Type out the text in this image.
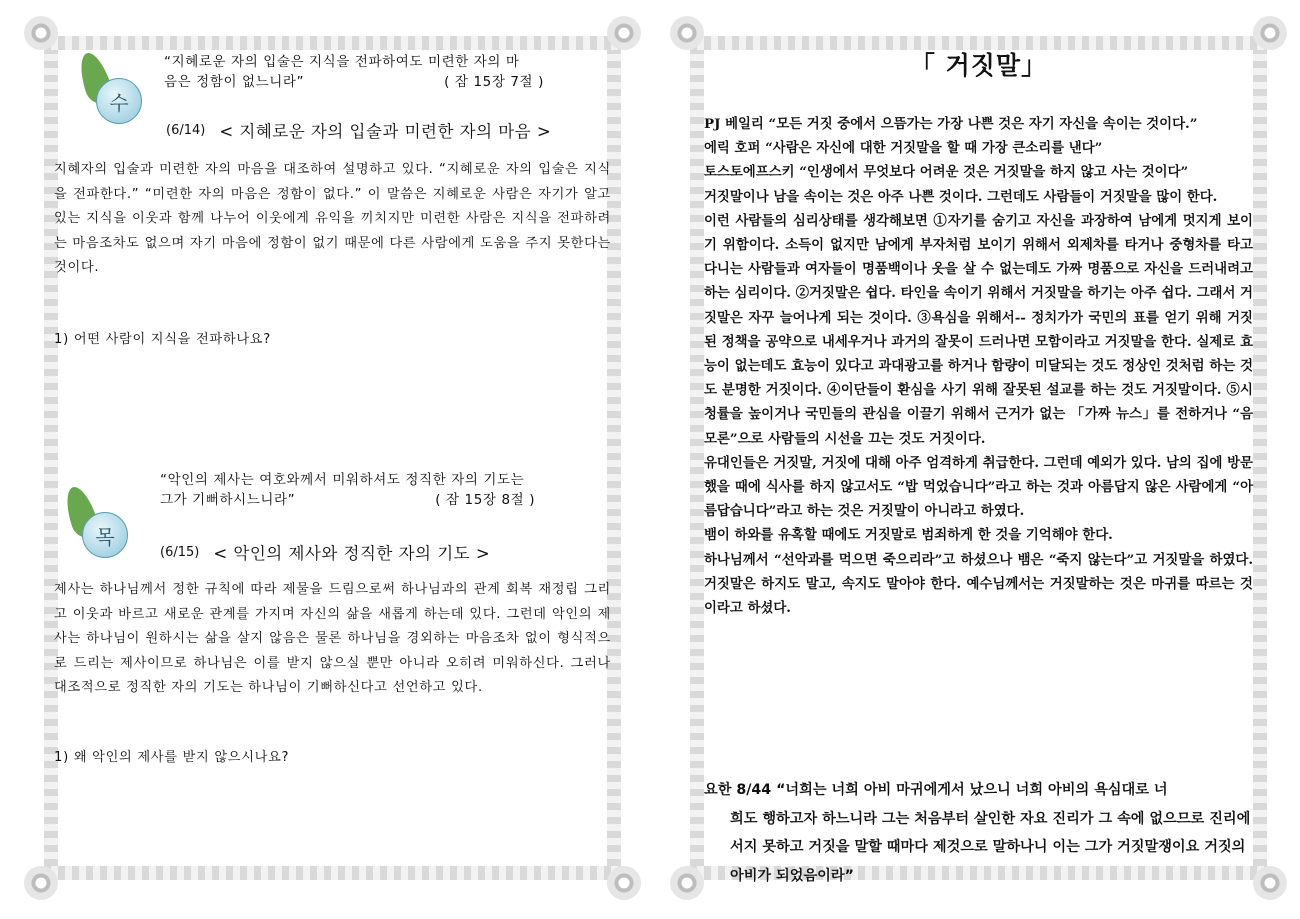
수
“지혜로운 자의 입술은 지식을 전파하여도 미련한 자의 마
음은 정함이 없느니라”	( 잠 15장 7절 )
(6/14) < 지혜로운 자의 입술과 미련한 자의 마음 >
지혜자의 입술과 미련한 자의 마음을 대조하여 설명하고 있다. “지혜로운 자의 입술은 지식을 전파한다.” “미련한 자의 마음은 정함이 없다.” 이 말씀은 지혜로운 사람은 자기가 알고 있는 지식을 이웃과 함께 나누어 이웃에게 유익을 끼치지만 미련한 사람은 지식을 전파하려는 마음조차도 없으며 자기 마음에 정함이 없기 때문에 다른 사람에게 도움을 주지 못한다는 것이다.
1) 어떤 사람이 지식을 전파하나요?
목
“악인의 제사는 여호와께서 미워하셔도 정직한 자의 기도는
그가 기뻐하시느니라”	( 잠 15장 8절 )
(6/15) < 악인의 제사와 정직한 자의 기도 >
제사는 하나님께서 정한 규칙에 따라 제물을 드림으로써 하나님과의 관계 회복 재정립 그리고 이웃과 바르고 새로운 관계를 가지며 자신의 삶을 새롭게 하는데 있다. 그런데 악인의 제사는 하나님이 원하시는 삶을 살지 않음은 물론 하나님을 경외하는 마음조차 없이 형식적으로 드리는 제사이므로 하나님은 이를 받지 않으실 뿐만 아니라 오히려 미워하신다. 그러나 대조적으로 정직한 자의 기도는 하나님이 기뻐하신다고 선언하고 있다.
1) 왜 악인의 제사를 받지 않으시나요?
「 거짓말」

PJ 베일리 “모든 거짓 중에서 으뜸가는 가장 나쁜 것은 자기 자신을 속이는 것이다.”

에릭 호퍼 “사람은 자신에 대한 거짓말을 할 때 가장 큰소리를 낸다”

토스토에프스키 “인생에서 무엇보다 어려운 것은 거짓말을 하지 않고 사는 것이다”

거짓말이나 남을 속이는 것은 아주 나쁜 것이다. 그런데도 사람들이 거짓말을 많이 한다.

이런 사람들의 심리상태를 생각해보면 ①자기를 숨기고 자신을 과장하여 남에게 멋지게 보이기 위함이다. 소득이 없지만 남에게 부자처럼 보이기 위해서 외제차를 타거나 중형차를 타고 다니는 사람들과 여자들이 명품백이나 옷을 살 수 없는데도 가짜 명품으로 자신을 드러내려고 하는 심리이다. ②거짓말은 쉽다. 타인을 속이기 위해서 거짓말을 하기는 아주 쉽다. 그래서 거짓말은 자꾸 늘어나게 되는 것이다. ③욕심을 위해서-- 정치가가 국민의 표를 얻기 위해 거짓된 정책을 공약으로 내세우거나 과거의 잘못이 드러나면 모함이라고 거짓말을 한다. 실제로 효능이 없는데도 효능이 있다고 과대광고를 하거나 함량이 미달되는 것도 정상인 것처럼 하는 것도 분명한 거짓이다. ④이단들이 환심을 사기 위해 잘못된 설교를 하는 것도 거짓말이다. ⑤시청률을 높이거나 국민들의 관심을 이끌기 위해서 근거가 없는 「가짜 뉴스」를 전하거나 “음모론”으로 사람들의 시선을 끄는 것도 거짓이다.

유대인들은 거짓말, 거짓에 대해 아주 엄격하게 취급한다. 그런데 예외가 있다. 남의 집에 방문했을 때에 식사를 하지 않고서도 “밥 먹었습니다”라고 하는 것과 아름답지 않은 사람에게 “아름답습니다”라고 하는 것은 거짓말이 아니라고 하였다.

뱀이 하와를 유혹할 때에도 거짓말로 범죄하게 한 것을 기억해야 한다.

하나님께서 “선악과를 먹으면 죽으리라”고 하셨으나 뱀은 “죽지 않는다”고 거짓말을 하였다. 거짓말은 하지도 말고, 속지도 말아야 한다. 예수님께서는 거짓말하는 것은 마귀를 따르는 것이라고 하셨다.

요한 8/44 “너희는 너희 아비 마귀에게서 났으니 너희 아비의 욕심대로 너
희도 행하고자 하느니라 그는 처음부터 살인한 자요 진리가 그 속에 없으므로 진리에 서지 못하고 거짓을 말할 때마다 제것으로 말하나니 이는 그가 거짓말쟁이요 거짓의 아비가 되었음이라”
